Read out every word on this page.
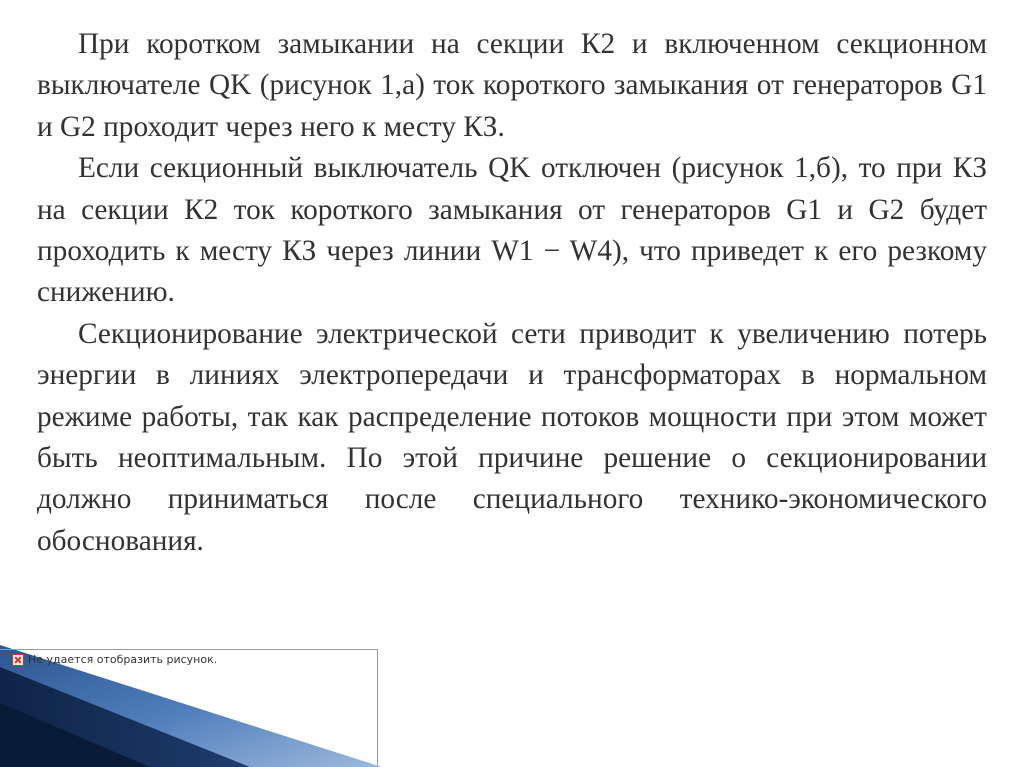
При коротком замыкании на секции К2 и включенном секционном выключателе QK (рисунок 1,а) ток короткого замыкания от генераторов G1 и G2 проходит через него к месту КЗ.

Если секционный выключатель QK отключен (рисунок 1,б), то при КЗ на секции К2 ток короткого замыкания от генераторов G1 и G2 будет проходить к месту КЗ через линии W1 − W4), что приведет к его резкому снижению.

Секционирование электрической сети приводит к увеличению потерь энергии в линиях электропередачи и трансформаторах в нормальном режиме работы, так как распределение потоков мощности при этом может быть неоптимальным. По этой причине решение о секционировании должно приниматься после специального технико-экономического обоснования.

Не удается отобразить рисунок.
